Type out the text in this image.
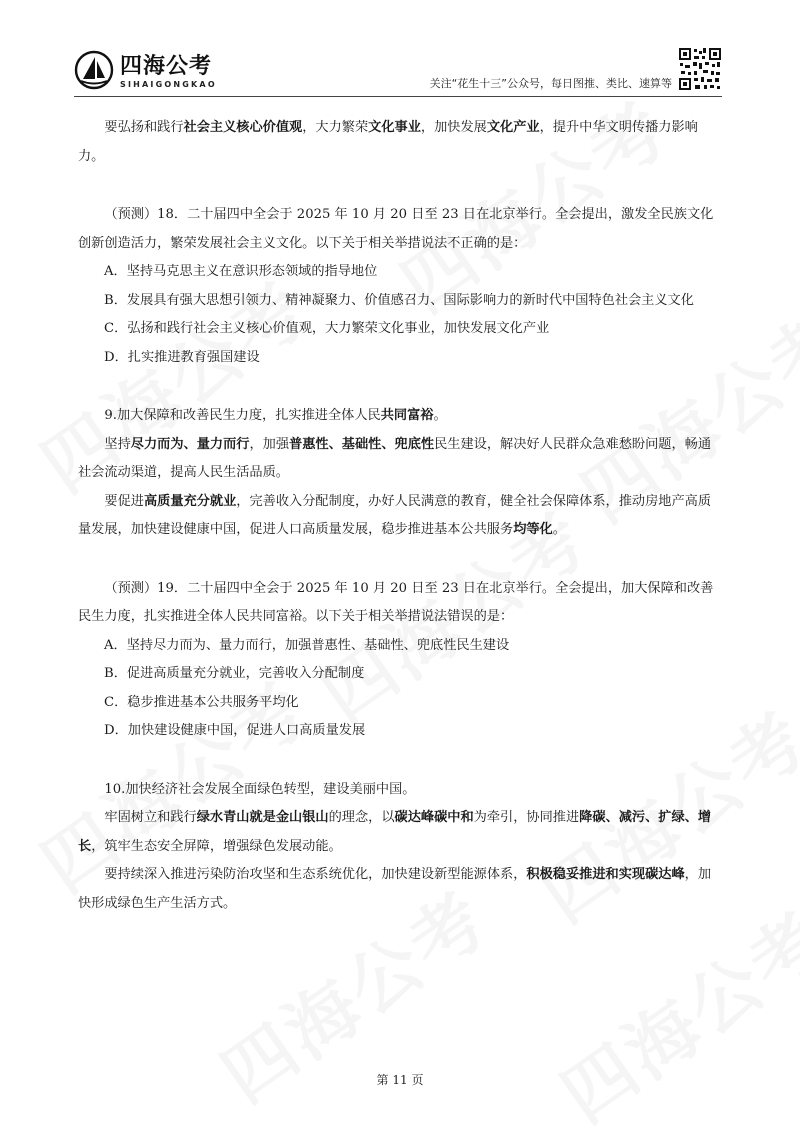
四海公考
SIHAIGONGKAO	关注“花生十三”公众号，每日图推、类比、速算等

要弘扬和践行社会主义核心价值观，大力繁荣文化事业，加快发展文化产业，提升中华文明传播力影响力。

（预测）18．二十届四中全会于 2025 年 10 月 20 日至 23 日在北京举行。全会提出，激发全民族文化创新创造活力，繁荣发展社会主义文化。以下关于相关举措说法不正确的是：

A．坚持马克思主义在意识形态领域的指导地位

B．发展具有强大思想引领力、精神凝聚力、价值感召力、国际影响力的新时代中国特色社会主义文化

C．弘扬和践行社会主义核心价值观，大力繁荣文化事业，加快发展文化产业

D．扎实推进教育强国建设

9.加大保障和改善民生力度，扎实推进全体人民共同富裕。

坚持尽力而为、量力而行，加强普惠性、基础性、兜底性民生建设，解决好人民群众急难愁盼问题，畅通社会流动渠道，提高人民生活品质。

要促进高质量充分就业，完善收入分配制度，办好人民满意的教育，健全社会保障体系，推动房地产高质量发展，加快建设健康中国，促进人口高质量发展，稳步推进基本公共服务均等化。

（预测）19．二十届四中全会于 2025 年 10 月 20 日至 23 日在北京举行。全会提出，加大保障和改善民生力度，扎实推进全体人民共同富裕。以下关于相关举措说法错误的是：

A．坚持尽力而为、量力而行，加强普惠性、基础性、兜底性民生建设

B．促进高质量充分就业，完善收入分配制度

C．稳步推进基本公共服务平均化

D．加快建设健康中国，促进人口高质量发展

10.加快经济社会发展全面绿色转型，建设美丽中国。

牢固树立和践行绿水青山就是金山银山的理念，以碳达峰碳中和为牵引，协同推进降碳、减污、扩绿、增长，筑牢生态安全屏障，增强绿色发展动能。

要持续深入推进污染防治攻坚和生态系统优化，加快建设新型能源体系，积极稳妥推进和实现碳达峰，加快形成绿色生产生活方式。

第 11 页
